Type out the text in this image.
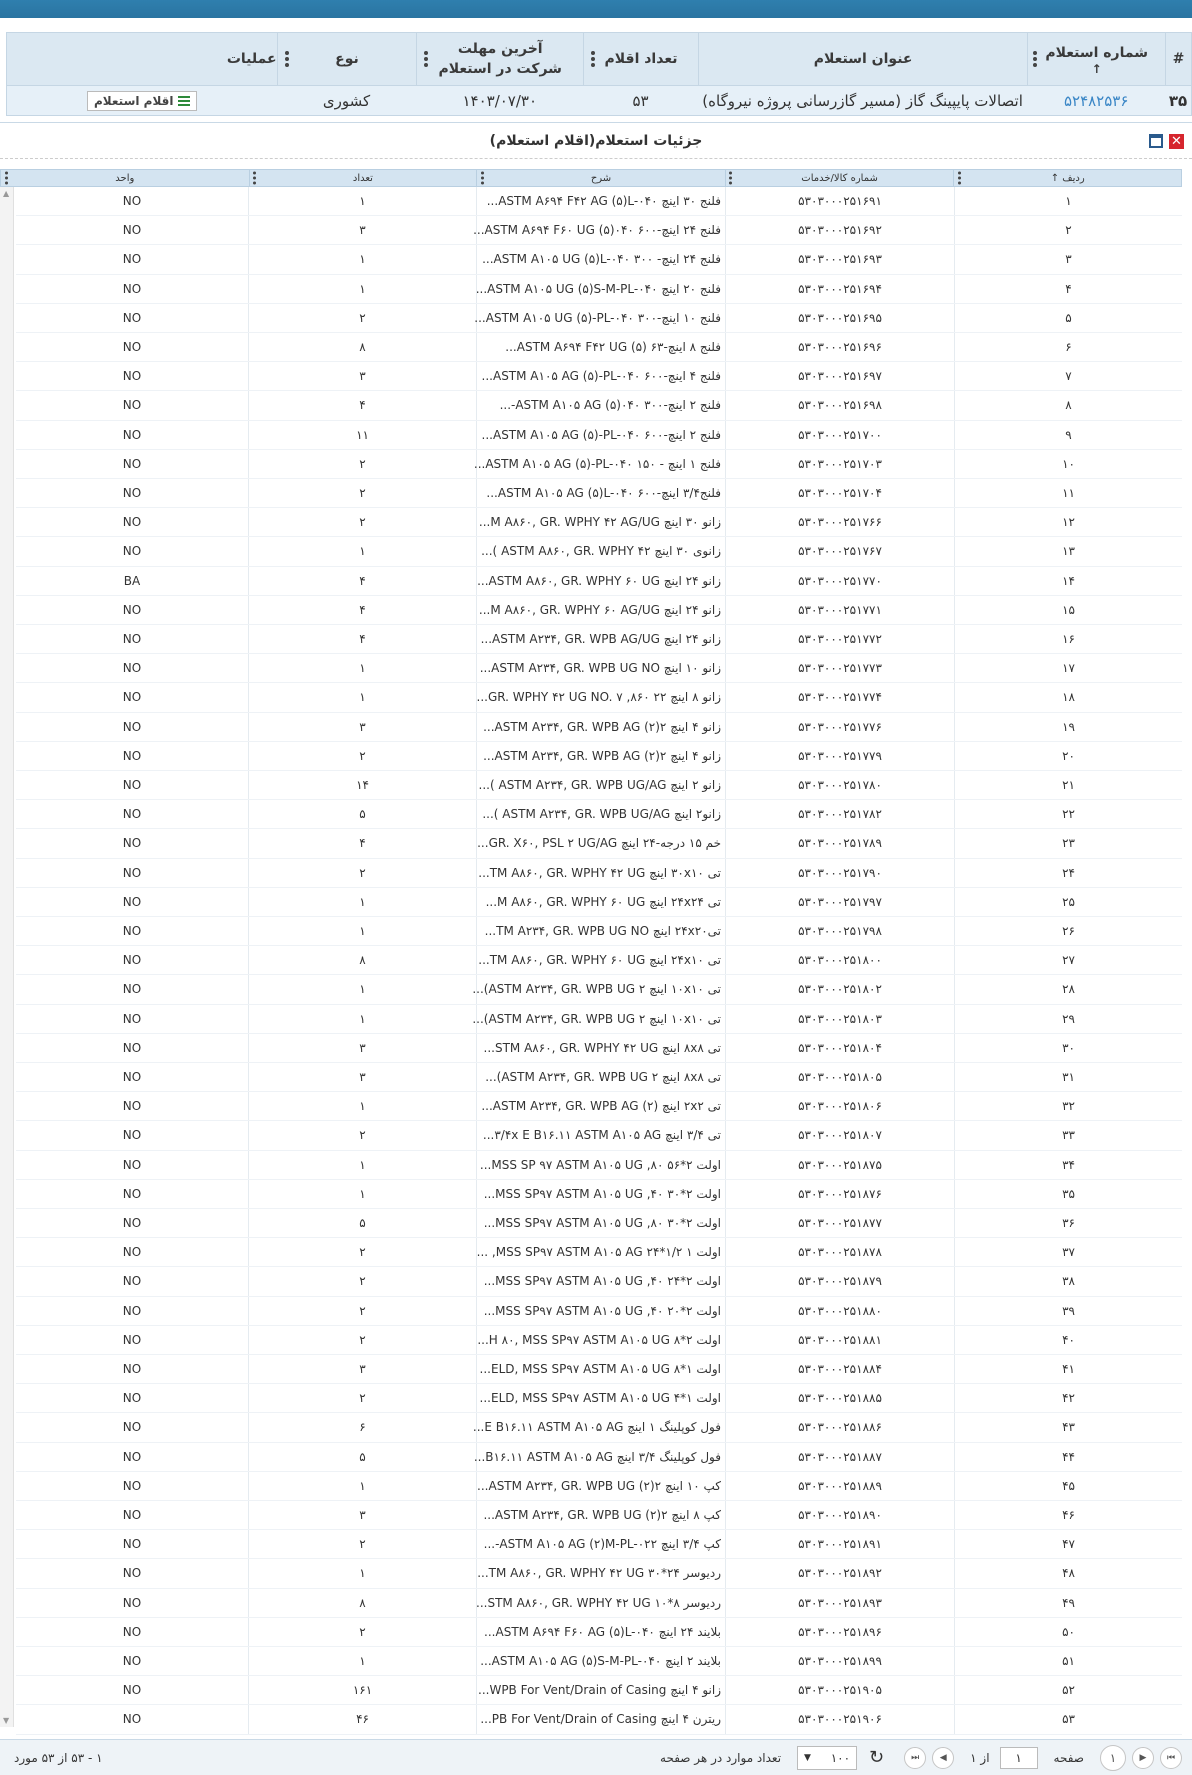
#
شماره استعلام
↑
عنوان استعلام
تعداد اقلام
آخرین مهلت شرکت در استعلام
نوع
عملیات
۳۵
۵۲۴۸۲۵۳۶
اتصالات پایپینگ گاز (مسیر گازرسانی پروژه نیروگاه)
۵۳
۱۴۰۳/۰۷/۳۰
کشوری
اقلام استعلام
جزئیات استعلام(اقلام استعلام)	✕
ردیف

↑
شماره کالا/خدمات
شرح
تعداد
واحد
▲
▼
۱
۵۳۰۳۰۰۰۲۵۱۶۹۱
فلنج ۳۰ اینچ ASTM A۶۹۴ F۴۲ AG (۵)L-۰۴۰...
۱
NO
۲
۵۳۰۳۰۰۰۲۵۱۶۹۲
فلنج ۲۴ اینچ-۶۰۰ ASTM A۶۹۴ F۶۰ UG (۵)۰۴۰...
۳
NO
۳
۵۳۰۳۰۰۰۲۵۱۶۹۳
فلنج ۲۴ اینچ- ۳۰۰ ASTM A۱۰۵ UG (۵)L-۰۴۰...
۱
NO
۴
۵۳۰۳۰۰۰۲۵۱۶۹۴
فلنج ۲۰ اینچ ASTM A۱۰۵ UG (۵)S-M-PL-۰۴۰...
۱
NO
۵
۵۳۰۳۰۰۰۲۵۱۶۹۵
فلنج ۱۰ اینچ-۳۰۰ ASTM A۱۰۵ UG (۵)-PL-۰۴۰...
۲
NO
۶
۵۳۰۳۰۰۰۲۵۱۶۹۶
فلنج ۸ اینچ-۶۳ ASTM A۶۹۴ F۴۲ UG (۵)...
۸
NO
۷
۵۳۰۳۰۰۰۲۵۱۶۹۷
فلنج ۴ اینچ-۶۰۰ ASTM A۱۰۵ AG (۵)-PL-۰۴۰...
۳
NO
۸
۵۳۰۳۰۰۰۲۵۱۶۹۸
فلنج ۲ اینچ-۳۰۰ ASTM A۱۰۵ AG (۵)۰۴۰-...
۴
NO
۹
۵۳۰۳۰۰۰۲۵۱۷۰۰
فلنج ۲ اینچ-۶۰۰ ASTM A۱۰۵ AG (۵)-PL-۰۴۰...
۱۱
NO
۱۰
۵۳۰۳۰۰۰۲۵۱۷۰۳
فلنج ۱ اینچ - ۱۵۰ ASTM A۱۰۵ AG (۵)-PL-۰۴۰...
۲
NO
۱۱
۵۳۰۳۰۰۰۲۵۱۷۰۴
فلنج۳/۴ اینچ-۶۰۰ ASTM A۱۰۵ AG (۵)L-۰۴۰...
۲
NO
۱۲
۵۳۰۳۰۰۰۲۵۱۷۶۶
زانو ۳۰ اینچ M A۸۶۰, GR. WPHY ۴۲ AG/UG...
۲
NO
۱۳
۵۳۰۳۰۰۰۲۵۱۷۶۷
زانوی ۳۰ اینچ ASTM A۸۶۰, GR. WPHY ۴۲ )...
۱
NO
۱۴
۵۳۰۳۰۰۰۲۵۱۷۷۰
زانو ۲۴ اینچ ASTM A۸۶۰, GR. WPHY ۶۰ UG...
۴
BA
۱۵
۵۳۰۳۰۰۰۲۵۱۷۷۱
زانو ۲۴ اینچ M A۸۶۰, GR. WPHY ۶۰ AG/UG...
۴
NO
۱۶
۵۳۰۳۰۰۰۲۵۱۷۷۲
زانو ۲۴ اینچ ASTM A۲۳۴, GR. WPB AG/UG...
۴
NO
۱۷
۵۳۰۳۰۰۰۲۵۱۷۷۳
زانو ۱۰ اینچ ASTM A۲۳۴, GR. WPB UG NO...
۱
NO
۱۸
۵۳۰۳۰۰۰۲۵۱۷۷۴
زانو ۸ اینچ ۲۲ ۸۶۰, GR. WPHY ۴۲ UG NO. ۷...
۱
NO
۱۹
۵۳۰۳۰۰۰۲۵۱۷۷۶
زانو ۴ اینچ ASTM A۲۳۴, GR. WPB AG (۲)۲...
۳
NO
۲۰
۵۳۰۳۰۰۰۲۵۱۷۷۹
زانو ۴ اینچ ASTM A۲۳۴, GR. WPB AG (۲)۲...
۲
NO
۲۱
۵۳۰۳۰۰۰۲۵۱۷۸۰
زانو ۲ اینچ ASTM A۲۳۴, GR. WPB UG/AG )...
۱۴
NO
۲۲
۵۳۰۳۰۰۰۲۵۱۷۸۲
زانو۲ اینچ ASTM A۲۳۴, GR. WPB UG/AG )...
۵
NO
۲۳
۵۳۰۳۰۰۰۲۵۱۷۸۹
خم ۱۵ درجه-۲۴ اینچ GR. X۶۰, PSL ۲ UG/AG...
۴
NO
۲۴
۵۳۰۳۰۰۰۲۵۱۷۹۰
تی ۳۰x۱۰ اینچ TM A۸۶۰, GR. WPHY ۴۲ UG...
۲
NO
۲۵
۵۳۰۳۰۰۰۲۵۱۷۹۷
تی ۲۴x۲۴ اینچ M A۸۶۰, GR. WPHY ۶۰ UG...
۱
NO
۲۶
۵۳۰۳۰۰۰۲۵۱۷۹۸
تی۲۴x۲۰ اینچ TM A۲۳۴, GR. WPB UG NO...
۱
NO
۲۷
۵۳۰۳۰۰۰۲۵۱۸۰۰
تی ۲۴x۱۰ اینچ TM A۸۶۰, GR. WPHY ۶۰ UG...
۸
NO
۲۸
۵۳۰۳۰۰۰۲۵۱۸۰۲
تی ۱۰x۱۰ اینچ ASTM A۲۳۴, GR. WPB UG ۲)...
۱
NO
۲۹
۵۳۰۳۰۰۰۲۵۱۸۰۳
تی ۱۰x۱۰ اینچ ASTM A۲۳۴, GR. WPB UG ۲)...
۱
NO
۳۰
۵۳۰۳۰۰۰۲۵۱۸۰۴
تی ۸x۸ اینچ STM A۸۶۰, GR. WPHY ۴۲ UG...
۳
NO
۳۱
۵۳۰۳۰۰۰۲۵۱۸۰۵
تی ۸x۸ اینچ ASTM A۲۳۴, GR. WPB UG ۲)...
۳
NO
۳۲
۵۳۰۳۰۰۰۲۵۱۸۰۶
تی ۲x۲ اینچ ASTM A۲۳۴, GR. WPB AG (۲)...
۱
NO
۳۳
۵۳۰۳۰۰۰۲۵۱۸۰۷
تی ۳/۴ اینچ ۳/۴x E B۱۶.۱۱ ASTM A۱۰۵ AG...
۲
NO
۳۴
۵۳۰۳۰۰۰۲۵۱۸۷۵
اولت ۲*۵۶ ۸۰, MSS SP ۹۷ ASTM A۱۰۵ UG...
۱
NO
۳۵
۵۳۰۳۰۰۰۲۵۱۸۷۶
اولت ۲*۳۰ ۴۰, MSS SP۹۷ ASTM A۱۰۵ UG...
۱
NO
۳۶
۵۳۰۳۰۰۰۲۵۱۸۷۷
اولت ۲*۳۰ ۸۰, MSS SP۹۷ ASTM A۱۰۵ UG...
۵
NO
۳۷
۵۳۰۳۰۰۰۲۵۱۸۷۸
اولت ۱ ۱/۲*۲۴ MSS SP۹۷ ASTM A۱۰۵ AG, ...
۲
NO
۳۸
۵۳۰۳۰۰۰۲۵۱۸۷۹
اولت ۲*۲۴ ۴۰, MSS SP۹۷ ASTM A۱۰۵ UG...
۲
NO
۳۹
۵۳۰۳۰۰۰۲۵۱۸۸۰
اولت ۲*۲۰ ۴۰, MSS SP۹۷ ASTM A۱۰۵ UG...
۲
NO
۴۰
۵۳۰۳۰۰۰۲۵۱۸۸۱
اولت ۲*۸ H ۸۰, MSS SP۹۷ ASTM A۱۰۵ UG...
۲
NO
۴۱
۵۳۰۳۰۰۰۲۵۱۸۸۴
اولت ۱*۸ ELD, MSS SP۹۷ ASTM A۱۰۵ UG...
۳
NO
۴۲
۵۳۰۳۰۰۰۲۵۱۸۸۵
اولت ۱*۴ ELD, MSS SP۹۷ ASTM A۱۰۵ UG...
۲
NO
۴۳
۵۳۰۳۰۰۰۲۵۱۸۸۶
فول کوپلینگ ۱ اینچ E B۱۶.۱۱ ASTM A۱۰۵ AG...
۶
NO
۴۴
۵۳۰۳۰۰۰۲۵۱۸۸۷
فول کوپلینگ ۳/۴ اینچ B۱۶.۱۱ ASTM A۱۰۵ AG...
۵
NO
۴۵
۵۳۰۳۰۰۰۲۵۱۸۸۹
کپ ۱۰ اینچ ASTM A۲۳۴, GR. WPB UG (۲)۲...
۱
NO
۴۶
۵۳۰۳۰۰۰۲۵۱۸۹۰
کپ ۸ اینچ ASTM A۲۳۴, GR. WPB UG (۲)۲...
۳
NO
۴۷
۵۳۰۳۰۰۰۲۵۱۸۹۱
کپ ۳/۴ اینچ ASTM A۱۰۵ AG (۲)M-PL-۰۲۲-...
۲
NO
۴۸
۵۳۰۳۰۰۰۲۵۱۸۹۲
ردیوسر ۲۴*۳۰ TM A۸۶۰, GR. WPHY ۴۲ UG...
۱
NO
۴۹
۵۳۰۳۰۰۰۲۵۱۸۹۳
ردیوسر ۸*۱۰ STM A۸۶۰, GR. WPHY ۴۲ UG...
۸
NO
۵۰
۵۳۰۳۰۰۰۲۵۱۸۹۶
بلایند ۲۴ اینچ ASTM A۶۹۴ F۶۰ AG (۵)L-۰۴۰...
۲
NO
۵۱
۵۳۰۳۰۰۰۲۵۱۸۹۹
بلایند ۲ اینچ ASTM A۱۰۵ AG (۵)S-M-PL-۰۴۰...
۱
NO
۵۲
۵۳۰۳۰۰۰۲۵۱۹۰۵
زانو ۴ اینچ WPB For Vent/Drain of Casing...
۱۶۱
NO
۵۳
۵۳۰۳۰۰۰۲۵۱۹۰۶
ریترن ۴ اینچ PB For Vent/Drain of Casing...
۴۶
NO
⏮
▶
۱
صفحه
۱
از ۱
◀
⏭
↻
۱۰۰
▼
تعداد موارد در هر صفحه
۱ - ۵۳ از ۵۳ مورد
